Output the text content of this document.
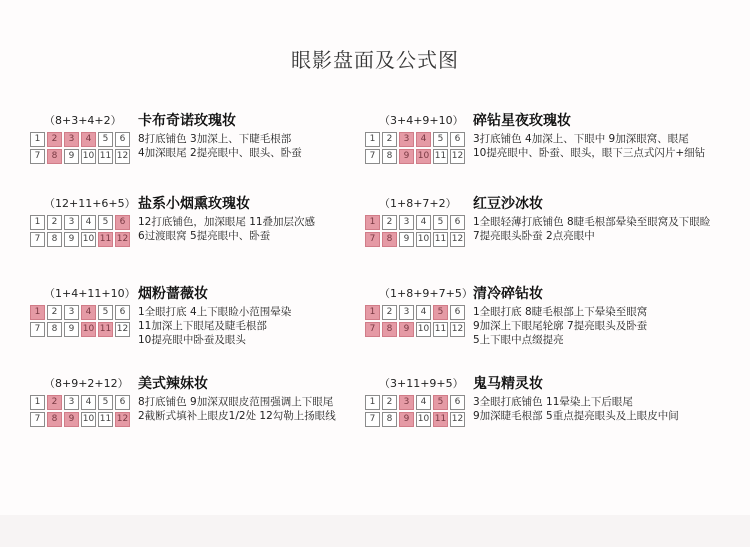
眼影盘面及公式图
（8+3+4+2） 卡布奇诺玫瑰妆
1	2	3	4	5	6
7	8	9 10 11 12
8打底铺色 3加深上、下睫毛根部
4加深眼尾 2提亮眼中、眼头、卧蚕
（3+4+9+10） 碎钻星夜玫瑰妆
1	2	3	4	5	6
7	8	9 10 11 12
3打底铺色 4加深上、下眼中 9加深眼窝、眼尾
10提亮眼中、卧蚕、眼头，眼下三点式闪片+细钻
（12+11+6+5） 盐系小烟熏玫瑰妆
1	2	3	4	5	6
7	8	9 10 11 12
12打底铺色，加深眼尾 11叠加层次感
6过渡眼窝 5提亮眼中、卧蚕
（1+8+7+2） 红豆沙冰妆
1	2	3	4	5	6
7	8	9 10 11 12
1全眼轻薄打底铺色 8睫毛根部晕染至眼窝及下眼睑
7提亮眼头卧蚕 2点亮眼中
（1+4+11+10） 烟粉蔷薇妆
1	2	3	4	5	6
7	8	9 10 11 12
1全眼打底 4上下眼睑小范围晕染
11加深上下眼尾及睫毛根部
10提亮眼中卧蚕及眼头
（1+8+9+7+5） 清冷碎钻妆
1	2	3	4	5	6
7	8	9 10 11 12
1全眼打底 8睫毛根部上下晕染至眼窝
9加深上下眼尾轮廓 7提亮眼头及卧蚕
5上下眼中点缀提亮
（8+9+2+12） 美式辣妹妆
1	2	3	4	5	6
7	8	9 10 11 12
8打底铺色 9加深双眼皮范围强调上下眼尾
2截断式填补上眼皮1/2处 12勾勒上扬眼线
（3+11+9+5） 鬼马精灵妆
1	2	3	4	5	6
7	8	9 10 11 12
3全眼打底铺色 11晕染上下后眼尾
9加深睫毛根部 5重点提亮眼头及上眼皮中间
